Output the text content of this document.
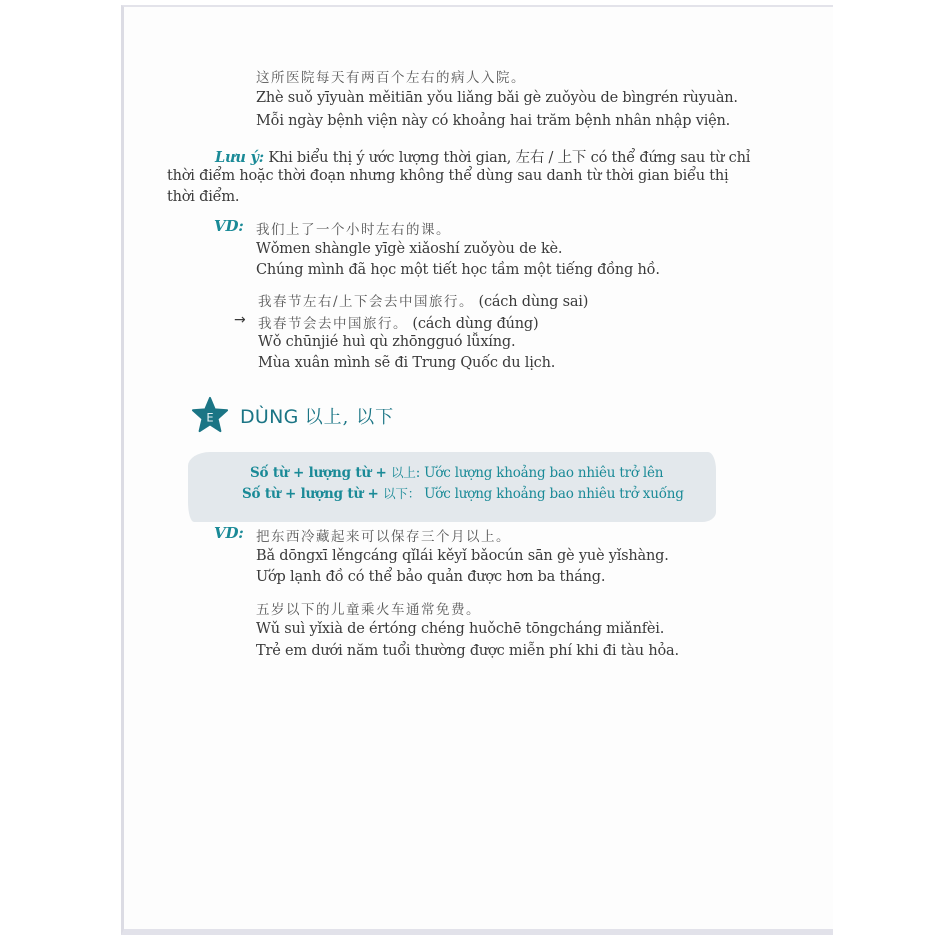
这所医院每天有两百个左右的病人入院。
Zhè suǒ yīyuàn měitiān yǒu liǎng bǎi gè zuǒyòu de bìngrén rùyuàn.
Mỗi ngày bệnh viện này có khoảng hai trăm bệnh nhân nhập viện.
Lưu ý: Khi biểu thị ý ước lượng thời gian, 左右 / 上下 có thể đứng sau từ chỉ
thời điểm hoặc thời đoạn nhưng không thể dùng sau danh từ thời gian biểu thị
thời điểm.
VD: 我们上了一个小时左右的课。
Wǒmen shàngle yīgè xiǎoshí zuǒyòu de kè.
Chúng mình đã học một tiết học tầm một tiếng đồng hồ.
我春节左右/上下会去中国旅行。 (cách dùng sai)
→ 我春节会去中国旅行。 (cách dùng đúng)
Wǒ chūnjié huì qù zhōngguó lǚxíng.
Mùa xuân mình sẽ đi Trung Quốc du lịch.
E DÙNG 以上, 以下
Số từ + lượng từ + 以上: Ước lượng khoảng bao nhiêu trở lên
Số từ + lượng từ + 以下： Ước lượng khoảng bao nhiêu trở xuống
VD: 把东西冷藏起来可以保存三个月以上。
Bǎ dōngxī lěngcáng qǐlái kěyǐ bǎocún sān gè yuè yǐshàng.
Ướp lạnh đồ có thể bảo quản được hơn ba tháng.
五岁以下的儿童乘火车通常免费。
Wǔ suì yǐxià de értóng chéng huǒchē tōngcháng miǎnfèi.
Trẻ em dưới năm tuổi thường được miễn phí khi đi tàu hỏa.
